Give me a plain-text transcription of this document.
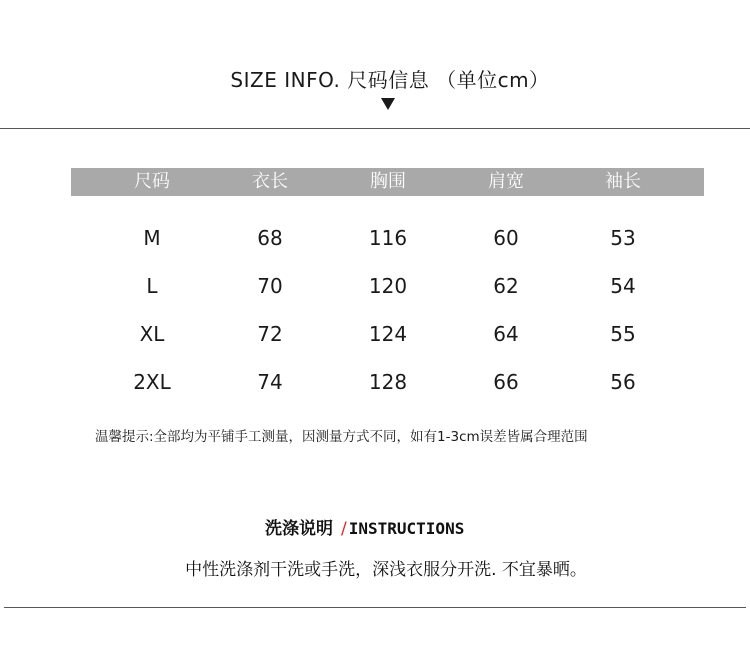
SIZE INFO. 尺码信息 （单位cm）
尺码	衣长	胸围	肩宽	袖长
M	68	116	60	53
L	70	120	62	54
XL	72	124	64	55
2XL	74	128	66	56
温馨提示:全部均为平铺手工测量，因测量方式不同，如有1-3cm误差皆属合理范围
洗涤说明 / INSTRUCTIONS
中性洗涤剂干洗或手洗，深浅衣服分开洗. 不宜暴晒。
